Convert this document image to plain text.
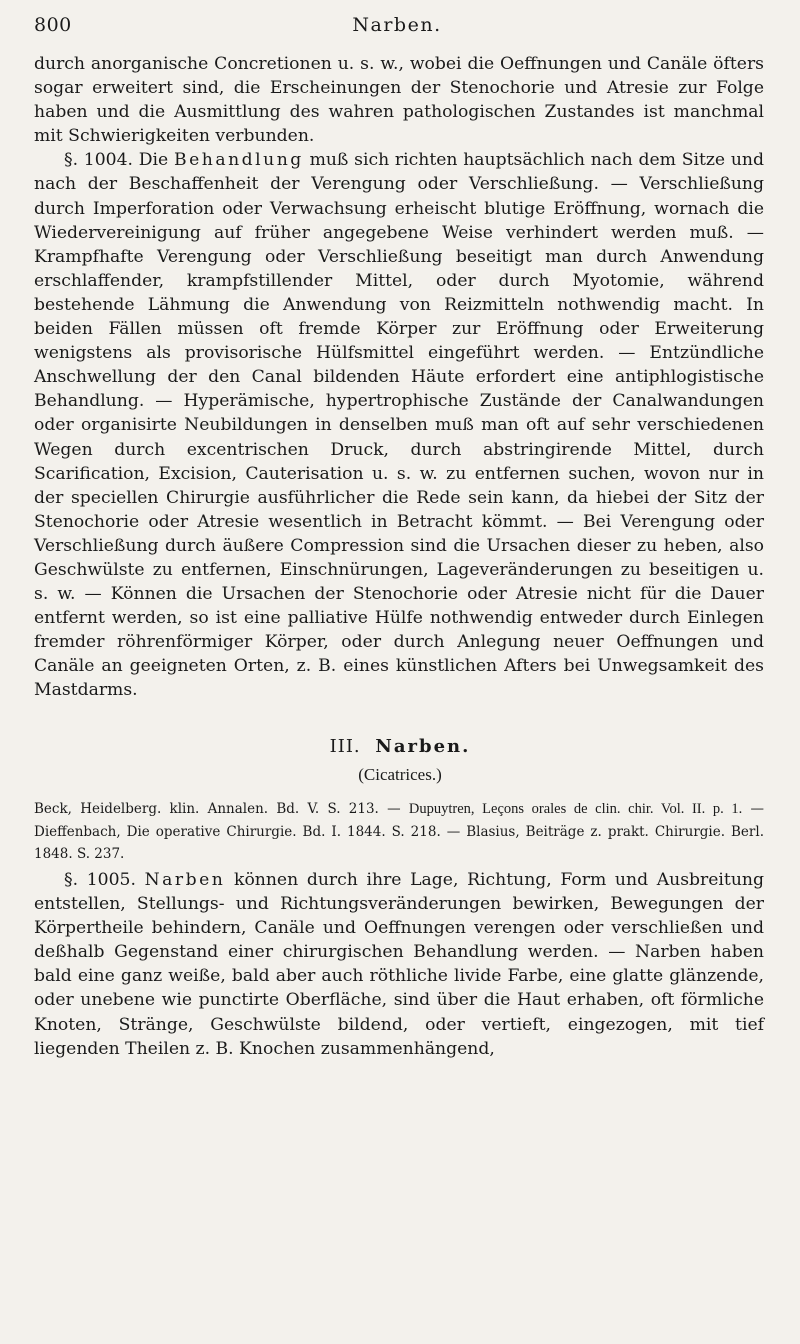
800	Narben.

durch anorganische Concretionen u. s. w., wobei die Oeffnungen und Canäle öfters sogar erweitert sind, die Erscheinungen der Stenochorie und Atresie zur Folge haben und die Ausmittlung des wahren pathologischen Zustandes ist manchmal mit Schwierigkeiten verbunden.

§. 1004. Die Behandlung muß sich richten hauptsächlich nach dem Sitze und nach der Beschaffenheit der Verengung oder Verschließung. — Verschließung durch Imperforation oder Verwachsung erheischt blutige Eröffnung, wornach die Wiedervereinigung auf früher angegebene Weise verhindert werden muß. — Krampfhafte Verengung oder Verschließung beseitigt man durch Anwendung erschlaffender, krampfstillender Mittel, oder durch Myotomie, während bestehende Lähmung die Anwendung von Reizmitteln nothwendig macht. In beiden Fällen müssen oft fremde Körper zur Eröffnung oder Erweiterung wenigstens als provisorische Hülfsmittel eingeführt werden. — Entzündliche Anschwellung der den Canal bildenden Häute erfordert eine antiphlogistische Behandlung. — Hyperämische, hypertrophische Zustände der Canalwandungen oder organisirte Neubildungen in denselben muß man oft auf sehr verschiedenen Wegen durch excentrischen Druck, durch abstringirende Mittel, durch Scarification, Excision, Cauterisation u. s. w. zu entfernen suchen, wovon nur in der speciellen Chirurgie ausführlicher die Rede sein kann, da hiebei der Sitz der Stenochorie oder Atresie wesentlich in Betracht kömmt. — Bei Verengung oder Verschließung durch äußere Compression sind die Ursachen dieser zu heben, also Geschwülste zu entfernen, Einschnürungen, Lageveränderungen zu beseitigen u. s. w. — Können die Ursachen der Stenochorie oder Atresie nicht für die Dauer entfernt werden, so ist eine palliative Hülfe nothwendig entweder durch Einlegen fremder röhrenförmiger Körper, oder durch Anlegung neuer Oeffnungen und Canäle an geeigneten Orten, z. B. eines künstlichen Afters bei Unwegsamkeit des Mastdarms.

III. Narben.
(Cicatrices.)
Beck, Heidelberg. klin. Annalen. Bd. V. S. 213. — Dupuytren, Leçons orales de clin. chir. Vol. II. p. 1. — Dieffenbach, Die operative Chirurgie. Bd. I. 1844. S. 218. — Blasius, Beiträge z. prakt. Chirurgie. Berl. 1848. S. 237.

§. 1005. Narben können durch ihre Lage, Richtung, Form und Ausbreitung entstellen, Stellungs- und Richtungsveränderungen bewirken, Bewegungen der Körpertheile behindern, Canäle und Oeffnungen verengen oder verschließen und deßhalb Gegenstand einer chirurgischen Behandlung werden. — Narben haben bald eine ganz weiße, bald aber auch röthliche livide Farbe, eine glatte glänzende, oder unebene wie punctirte Oberfläche, sind über die Haut erhaben, oft förmliche Knoten, Stränge, Geschwülste bildend, oder vertieft, eingezogen, mit tief liegenden Theilen z. B. Knochen zusammenhängend,
